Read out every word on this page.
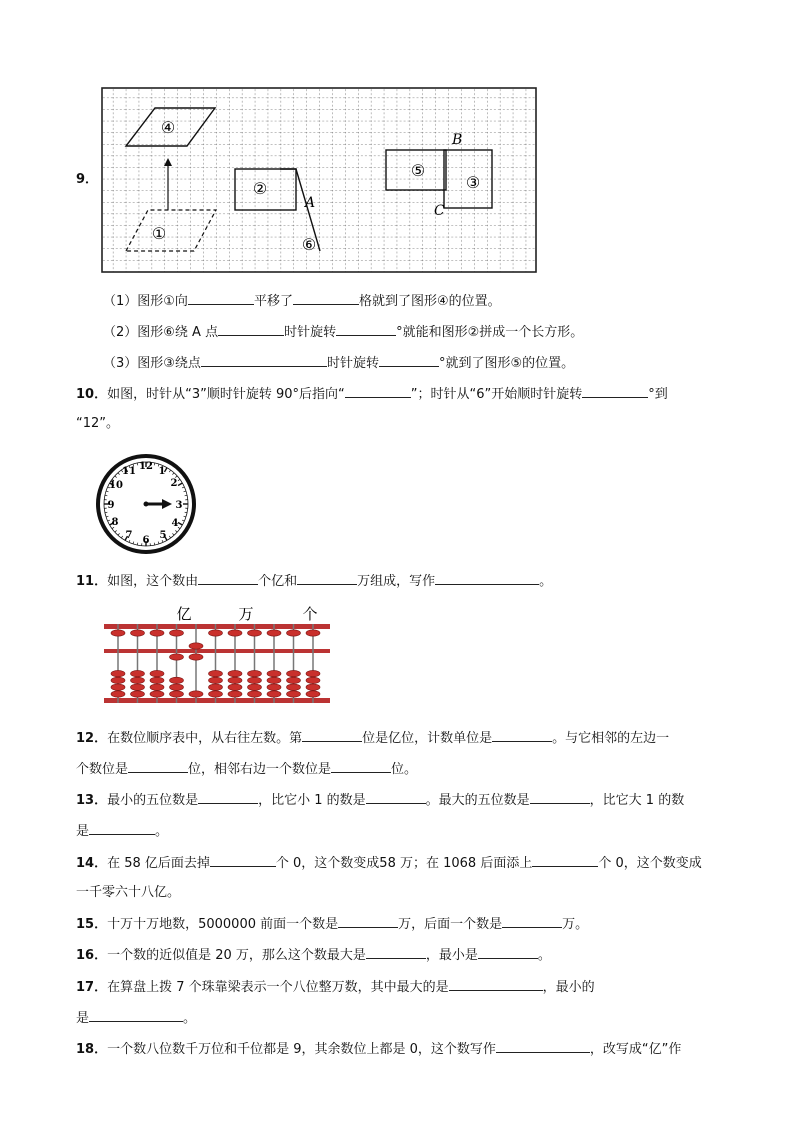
9．
④
②
⑤
③
①
⑥
A
B
C
（1）图形①向	平移了	格就到了图形④的位置。
（2）图形⑥绕 A 点	时针旋转	°就能和图形②拼成一个长方形。
（3）图形③绕点	时针旋转	°就到了图形⑤的位置。
10．如图，时针从“3”顺时针旋转 90°后指向“	”；时针从“6”开始顺时针旋转	°到
“12”。
12 1
2
3
4
5
6
7
8
9
10
11
11．如图，这个数由	个亿和	万组成，写作	。
亿	万	个
12．在数位顺序表中，从右往左数。第	位是亿位，计数单位是	。与它相邻的左边一
个数位是	位，相邻右边一个数位是	位。
13．最小的五位数是	，比它小 1 的数是	。最大的五位数是	，比它大 1 的数
是	。
14．在 58 亿后面去掉	个 0，这个数变成58 万；在 1068 后面添上	个 0，这个数变成
一千零六十八亿。
15．十万十万地数，5000000 前面一个数是	万，后面一个数是	万。
16．一个数的近似值是 20 万，那么这个数最大是	，最小是	。
17．在算盘上拨 7 个珠靠梁表示一个八位整万数，其中最大的是	，最小的
是	。
18．一个数八位数千万位和千位都是 9，其余数位上都是 0，这个数写作	，改写成“亿”作
